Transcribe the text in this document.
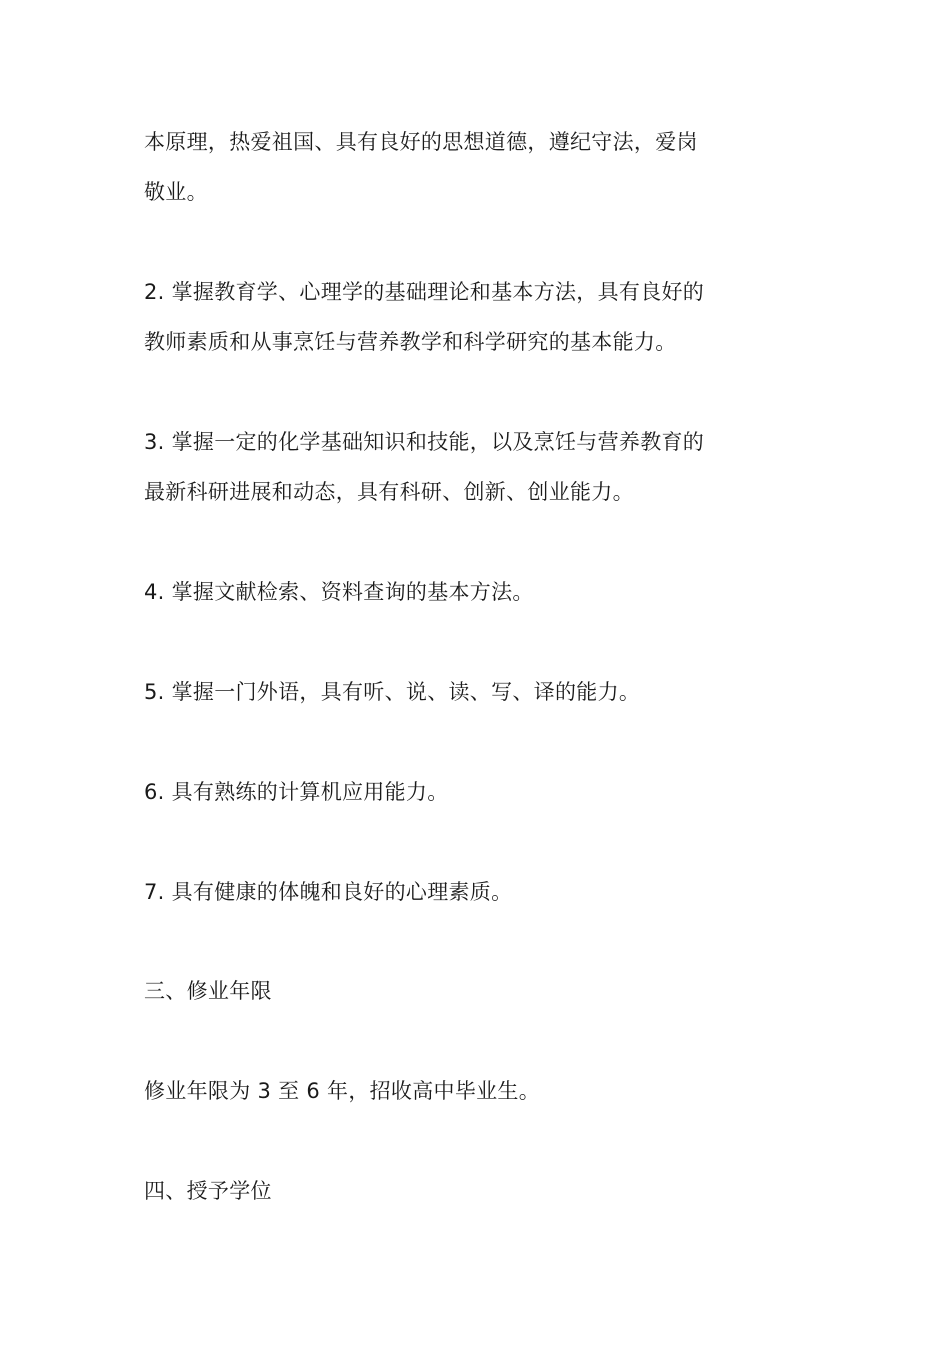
本原理，热爱祖国、具有良好的思想道德，遵纪守法，爱岗
敬业。
2. 掌握教育学、心理学的基础理论和基本方法，具有良好的
教师素质和从事烹饪与营养教学和科学研究的基本能力。
3. 掌握一定的化学基础知识和技能，以及烹饪与营养教育的
最新科研进展和动态，具有科研、创新、创业能力。
4. 掌握文献检索、资料查询的基本方法。
5. 掌握一门外语，具有听、说、读、写、译的能力。
6. 具有熟练的计算机应用能力。
7. 具有健康的体魄和良好的心理素质。
三、修业年限
修业年限为 3 至 6 年，招收高中毕业生。
四、授予学位
